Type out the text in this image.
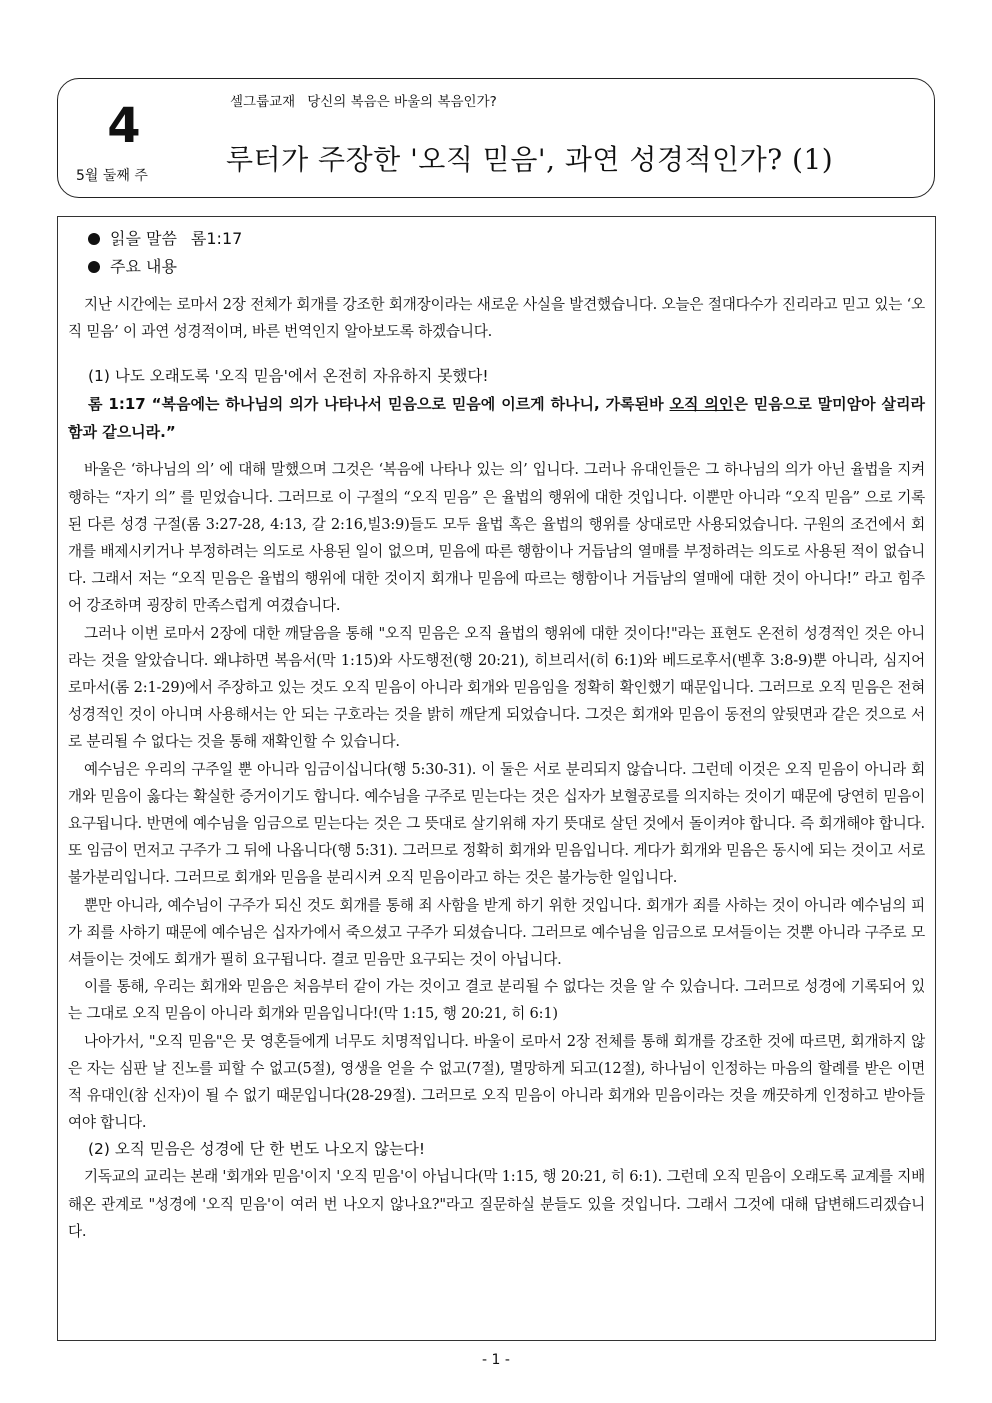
4
5월 둘째 주
셀그룹교재 당신의 복음은 바울의 복음인가?
루터가 주장한 '오직 믿음', 과연 성경적인가? (1)
읽을 말씀 롬1:17
주요 내용

지난 시간에는 로마서 2장 전체가 회개를 강조한 회개장이라는 새로운 사실을 발견했습니다. 오늘은 절대다수가 진리라고 믿고 있는 ‘오직 믿음’ 이 과연 성경적이며, 바른 번역인지 알아보도록 하겠습니다.

(1) 나도 오래도록 '오직 믿음'에서 온전히 자유하지 못했다!
롬 1:17 “복음에는 하나님의 의가 나타나서 믿음으로 믿음에 이르게 하나니, 가록된바 오직 의인은 믿음으로 말미암아 살리라함과 같으니라.”

바울은 ‘하나님의 의’ 에 대해 말했으며 그것은 ‘복음에 나타나 있는 의’ 입니다. 그러나 유대인들은 그 하나님의 의가 아닌 율법을 지켜 행하는 “자기 의” 를 믿었습니다. 그러므로 이 구절의 “오직 믿음” 은 율법의 행위에 대한 것입니다. 이뿐만 아니라 “오직 믿음” 으로 기록된 다른 성경 구절(롬 3:27-28, 4:13, 갈 2:16,빌3:9)들도 모두 율법 혹은 율법의 행위를 상대로만 사용되었습니다. 구원의 조건에서 회개를 배제시키거나 부정하려는 의도로 사용된 일이 없으며, 믿음에 따른 행함이나 거듭남의 열매를 부정하려는 의도로 사용된 적이 없습니다. 그래서 저는 “오직 믿음은 율법의 행위에 대한 것이지 회개나 믿음에 따르는 행함이나 거듭남의 열매에 대한 것이 아니다!” 라고 힘주어 강조하며 굉장히 만족스럽게 여겼습니다.

그러나 이번 로마서 2장에 대한 깨달음을 통해 "오직 믿음은 오직 율법의 행위에 대한 것이다!"라는 표현도 온전히 성경적인 것은 아니라는 것을 알았습니다. 왜냐하면 복음서(막 1:15)와 사도행전(행 20:21), 히브리서(히 6:1)와 베드로후서(벧후 3:8-9)뿐 아니라, 심지어 로마서(롬 2:1-29)에서 주장하고 있는 것도 오직 믿음이 아니라 회개와 믿음임을 정확히 확인했기 때문입니다. 그러므로 오직 믿음은 전혀 성경적인 것이 아니며 사용해서는 안 되는 구호라는 것을 밝히 깨닫게 되었습니다. 그것은 회개와 믿음이 동전의 앞뒷면과 같은 것으로 서로 분리될 수 없다는 것을 통해 재확인할 수 있습니다.

예수님은 우리의 구주일 뿐 아니라 임금이십니다(행 5:30-31). 이 둘은 서로 분리되지 않습니다. 그런데 이것은 오직 믿음이 아니라 회개와 믿음이 옳다는 확실한 증거이기도 합니다. 예수님을 구주로 믿는다는 것은 십자가 보혈공로를 의지하는 것이기 때문에 당연히 믿음이 요구됩니다. 반면에 예수님을 임금으로 믿는다는 것은 그 뜻대로 살기위해 자기 뜻대로 살던 것에서 돌이켜야 합니다. 즉 회개해야 합니다. 또 임금이 먼저고 구주가 그 뒤에 나옵니다(행 5:31). 그러므로 정확히 회개와 믿음입니다. 게다가 회개와 믿음은 동시에 되는 것이고 서로 불가분리입니다. 그러므로 회개와 믿음을 분리시켜 오직 믿음이라고 하는 것은 불가능한 일입니다.

뿐만 아니라, 예수님이 구주가 되신 것도 회개를 통해 죄 사함을 받게 하기 위한 것입니다. 회개가 죄를 사하는 것이 아니라 예수님의 피가 죄를 사하기 때문에 예수님은 십자가에서 죽으셨고 구주가 되셨습니다. 그러므로 예수님을 임금으로 모셔들이는 것뿐 아니라 구주로 모셔들이는 것에도 회개가 필히 요구됩니다. 결코 믿음만 요구되는 것이 아닙니다.

이를 통해, 우리는 회개와 믿음은 처음부터 같이 가는 것이고 결코 분리될 수 없다는 것을 알 수 있습니다. 그러므로 성경에 기록되어 있는 그대로 오직 믿음이 아니라 회개와 믿음입니다!(막 1:15, 행 20:21, 히 6:1)

나아가서, "오직 믿음"은 뭇 영혼들에게 너무도 치명적입니다. 바울이 로마서 2장 전체를 통해 회개를 강조한 것에 따르면, 회개하지 않은 자는 심판 날 진노를 피할 수 없고(5절), 영생을 얻을 수 없고(7절), 멸망하게 되고(12절), 하나님이 인정하는 마음의 할례를 받은 이면적 유대인(참 신자)이 될 수 없기 때문입니다(28-29절). 그러므로 오직 믿음이 아니라 회개와 믿음이라는 것을 깨끗하게 인정하고 받아들여야 합니다.

(2) 오직 믿음은 성경에 단 한 번도 나오지 않는다!

기독교의 교리는 본래 '회개와 믿음'이지 '오직 믿음'이 아닙니다(막 1:15, 행 20:21, 히 6:1). 그런데 오직 믿음이 오래도록 교계를 지배해온 관계로 "성경에 '오직 믿음'이 여러 번 나오지 않나요?"라고 질문하실 분들도 있을 것입니다. 그래서 그것에 대해 답변해드리겠습니다.

- 1 -
